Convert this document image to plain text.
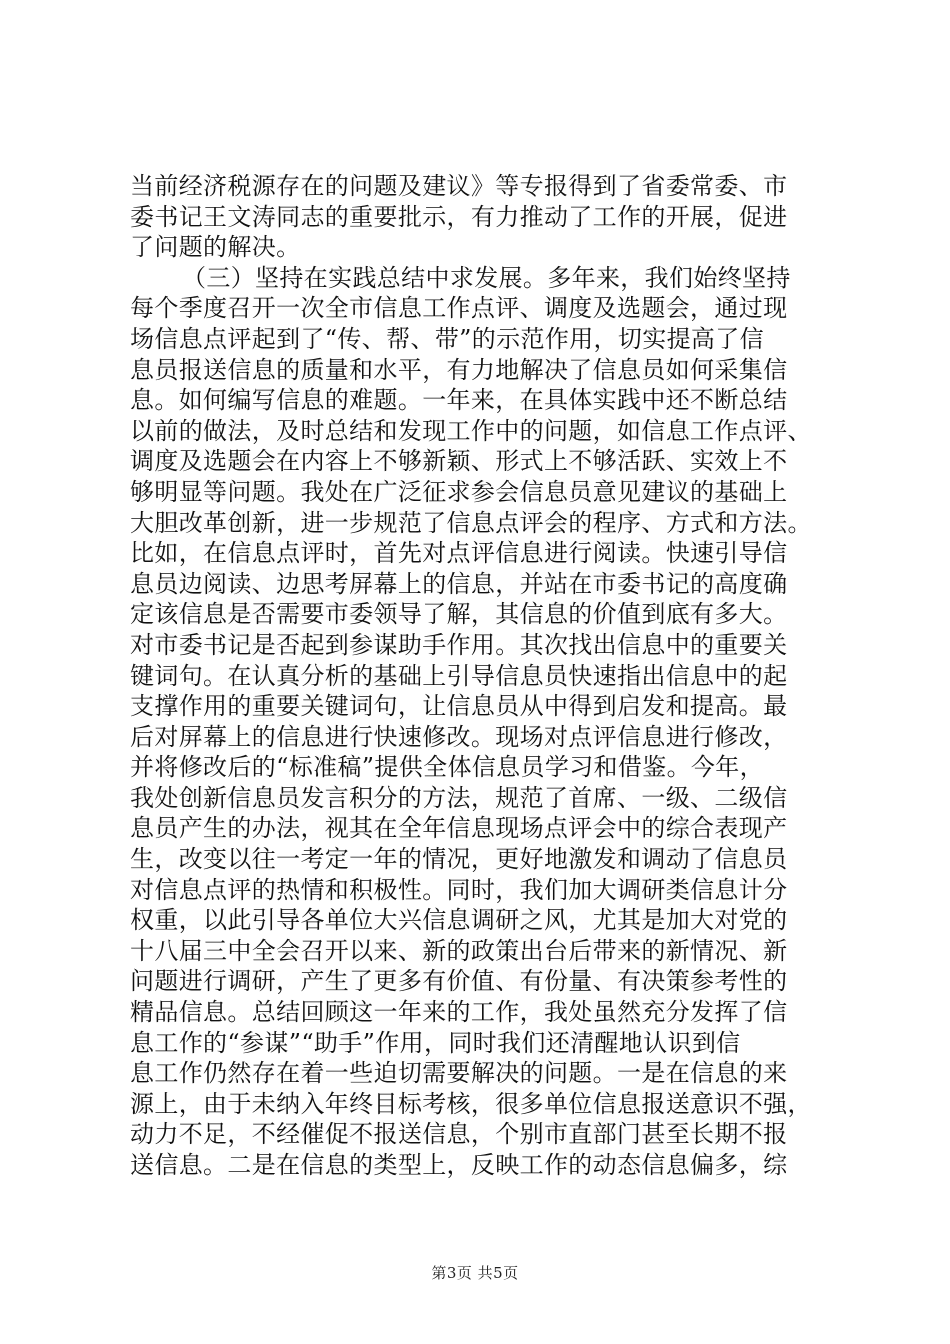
当前经济税源存在的问题及建议》等专报得到了省委常委、市
委书记王文涛同志的重要批示，有力推动了工作的开展，促进
了问题的解决。
（三）坚持在实践总结中求发展。多年来，我们始终坚持
每个季度召开一次全市信息工作点评、调度及选题会，通过现
场信息点评起到了“传、帮、带”的示范作用，切实提高了信
息员报送信息的质量和水平，有力地解决了信息员如何采集信
息。如何编写信息的难题。一年来，在具体实践中还不断总结
以前的做法，及时总结和发现工作中的问题，如信息工作点评、
调度及选题会在内容上不够新颖、形式上不够活跃、实效上不
够明显等问题。我处在广泛征求参会信息员意见建议的基础上
大胆改革创新，进一步规范了信息点评会的程序、方式和方法。
比如，在信息点评时，首先对点评信息进行阅读。快速引导信
息员边阅读、边思考屏幕上的信息，并站在市委书记的高度确
定该信息是否需要市委领导了解，其信息的价值到底有多大。
对市委书记是否起到参谋助手作用。其次找出信息中的重要关
键词句。在认真分析的基础上引导信息员快速指出信息中的起
支撑作用的重要关键词句，让信息员从中得到启发和提高。最
后对屏幕上的信息进行快速修改。现场对点评信息进行修改，
并将修改后的“标准稿”提供全体信息员学习和借鉴。今年，
我处创新信息员发言积分的方法，规范了首席、一级、二级信
息员产生的办法，视其在全年信息现场点评会中的综合表现产
生，改变以往一考定一年的情况，更好地激发和调动了信息员
对信息点评的热情和积极性。同时，我们加大调研类信息计分
权重，以此引导各单位大兴信息调研之风，尤其是加大对党的
十八届三中全会召开以来、新的政策出台后带来的新情况、新
问题进行调研，产生了更多有价值、有份量、有决策参考性的
精品信息。总结回顾这一年来的工作，我处虽然充分发挥了信
息工作的“参谋”“助手”作用，同时我们还清醒地认识到信
息工作仍然存在着一些迫切需要解决的问题。一是在信息的来
源上，由于未纳入年终目标考核，很多单位信息报送意识不强，
动力不足，不经催促不报送信息，个别市直部门甚至长期不报
送信息。二是在信息的类型上，反映工作的动态信息偏多，综
第3页 共5页
